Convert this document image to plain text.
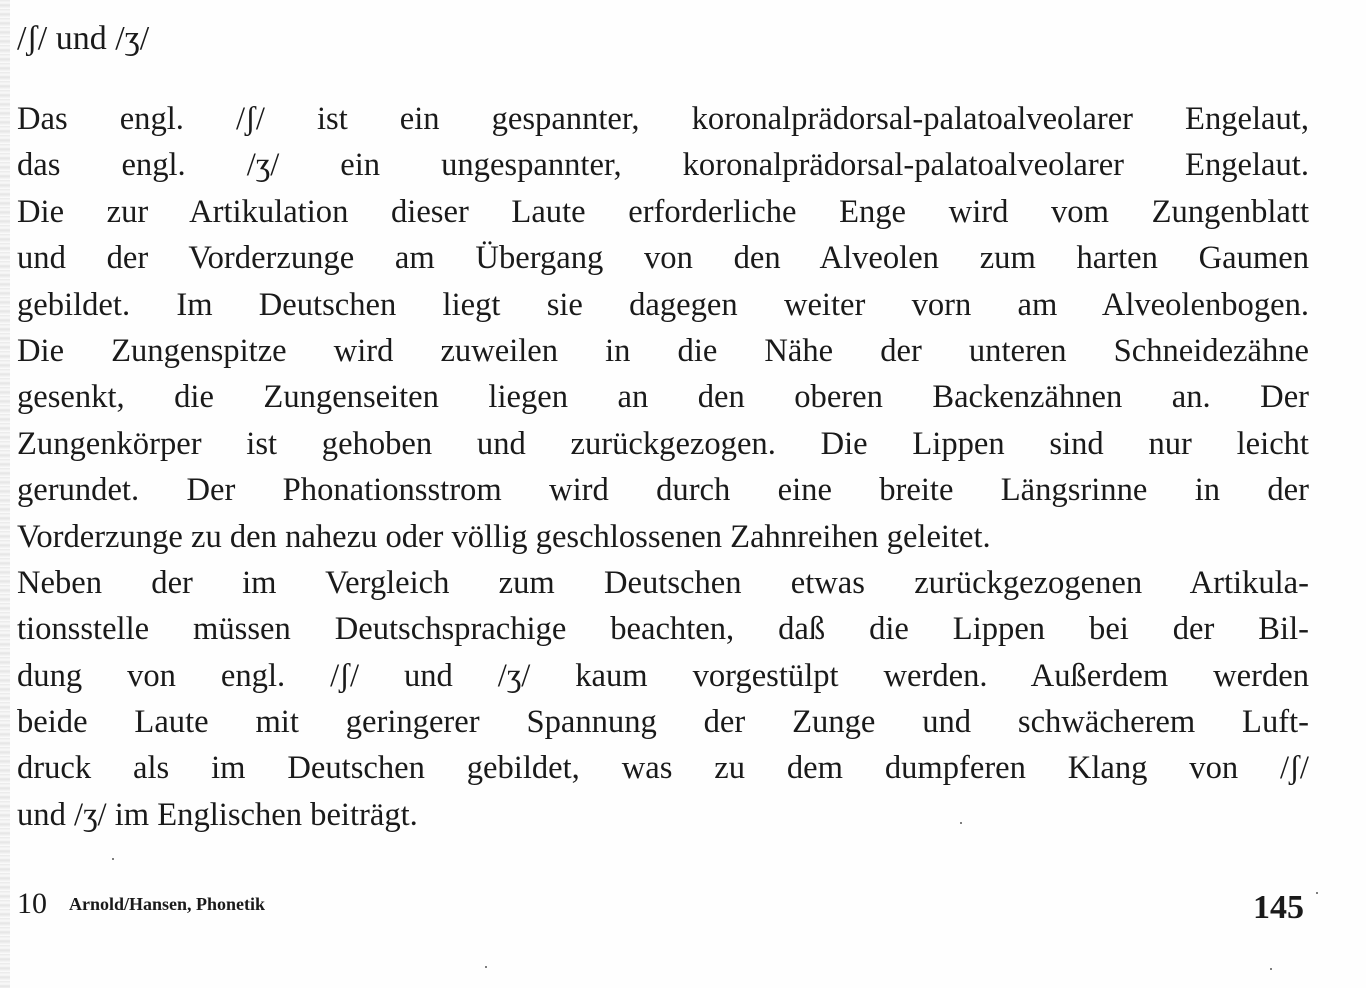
/ʃ/ und /ʒ/
Das engl. /ʃ/ ist ein gespannter, koronalprädorsal-palatoalveolarer Engelaut,
das engl. /ʒ/ ein ungespannter, koronalprädorsal-palatoalveolarer Engelaut.
Die zur Artikulation dieser Laute erforderliche Enge wird vom Zungenblatt
und der Vorderzunge am Übergang von den Alveolen zum harten Gaumen
gebildet. Im Deutschen liegt sie dagegen weiter vorn am Alveolenbogen.
Die Zungenspitze wird zuweilen in die Nähe der unteren Schneidezähne
gesenkt, die Zungenseiten liegen an den oberen Backenzähnen an. Der
Zungenkörper ist gehoben und zurückgezogen. Die Lippen sind nur leicht
gerundet. Der Phonationsstrom wird durch eine breite Längsrinne in der
Vorderzunge zu den nahezu oder völlig geschlossenen Zahnreihen geleitet.
Neben der im Vergleich zum Deutschen etwas zurückgezogenen Artikula-
tionsstelle müssen Deutschsprachige beachten, daß die Lippen bei der Bil-
dung von engl. /ʃ/ und /ʒ/ kaum vorgestülpt werden. Außerdem werden
beide Laute mit geringerer Spannung der Zunge und schwächerem Luft-
druck als im Deutschen gebildet, was zu dem dumpferen Klang von /ʃ/
und /ʒ/ im Englischen beiträgt.
10 Arnold/Hansen, Phonetik	145
